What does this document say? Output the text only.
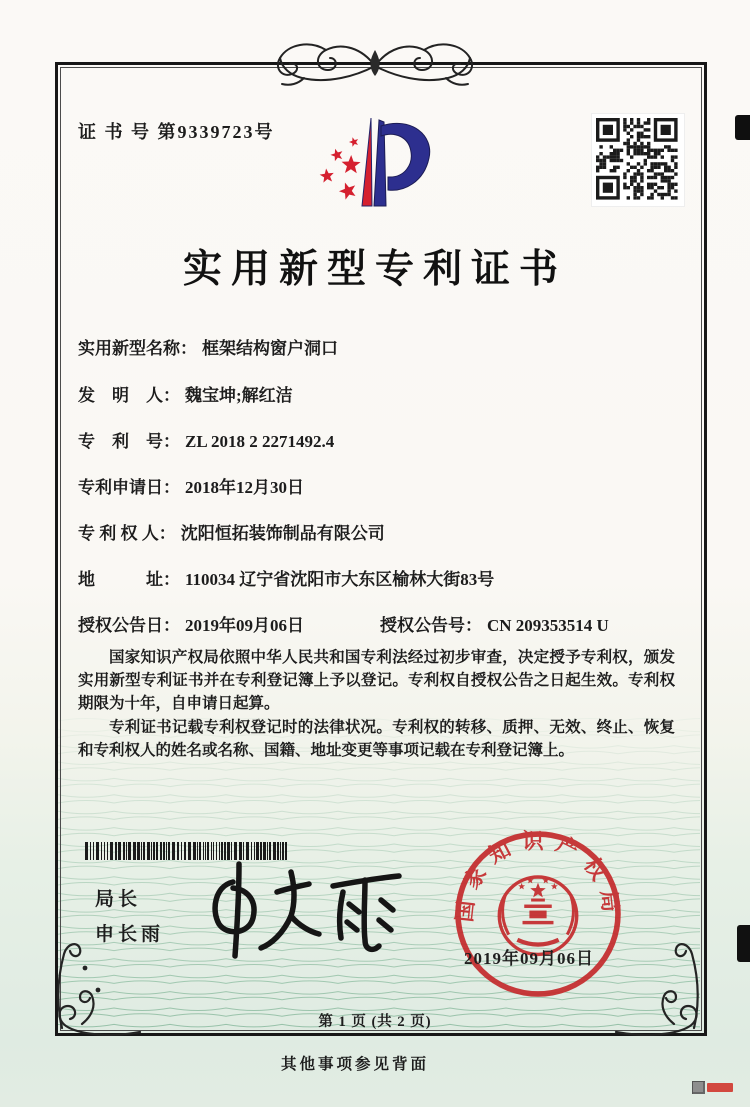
证 书 号 第9339723号
实用新型专利证书
实用新型名称： 框架结构窗户洞口
发　明　人： 魏宝坤;解红洁
专　利　号： ZL 2018 2 2271492.4
专利申请日： 2018年12月30日
专 利 权 人： 沈阳恒拓装饰制品有限公司
地　　　址： 110034 辽宁省沈阳市大东区榆林大街83号
授权公告日： 2019年09月06日	授权公告号： CN 209353514 U

国家知识产权局依照中华人民共和国专利法经过初步审查，决定授予专利权，颁发实用新型专利证书并在专利登记簿上予以登记。专利权自授权公告之日起生效。专利权期限为十年，自申请日起算。

专利证书记载专利权登记时的法律状况。专利权的转移、质押、无效、终止、恢复和专利权人的姓名或名称、国籍、地址变更等事项记载在专利登记簿上。

局长
申长雨
国家知识产权局
2019年09月06日
第 1 页 (共 2 页)
其他事项参见背面
